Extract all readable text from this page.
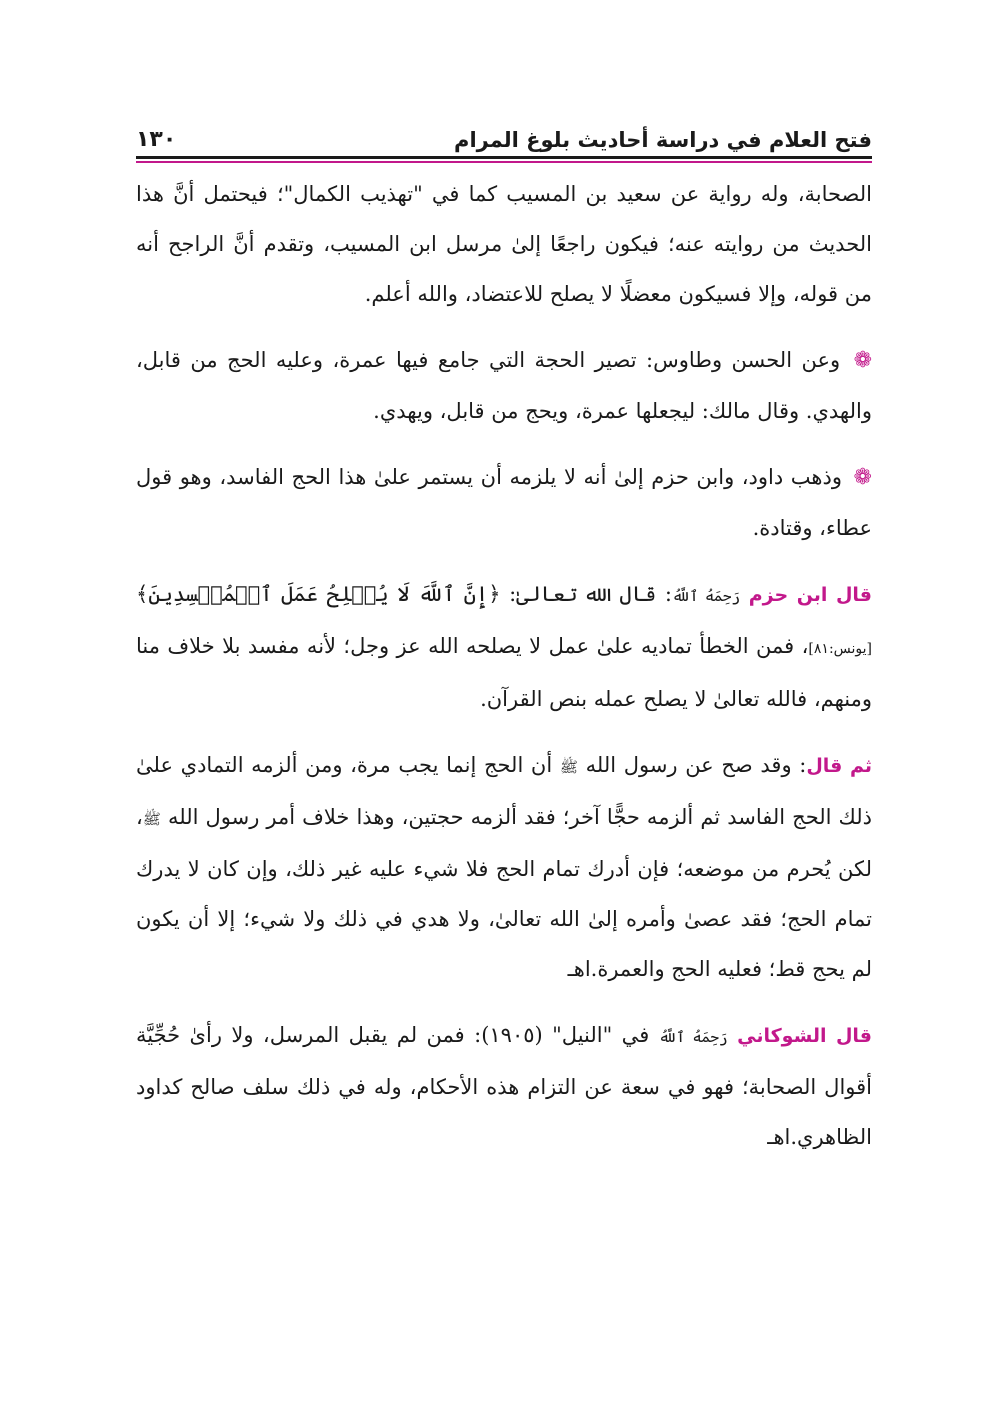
فتح العلام في دراسة أحاديث بلوغ المرام
١٣٠
الصحابة، وله رواية عن سعيد بن المسيب كما في "تهذيب الكمال"؛ فيحتمل أنَّ هذا الحديث من روايته عنه؛ فيكون راجعًا إلىٰ مرسل ابن المسيب، وتقدم أنَّ الراجح أنه من قوله، وإلا فسيكون معضلًا لا يصلح للاعتضاد، والله أعلم.
❁ وعن الحسن وطاوس: تصير الحجة التي جامع فيها عمرة، وعليه الحج من قابل، والهدي. وقال مالك: ليجعلها عمرة، ويحج من قابل، ويهدي.
❁ وذهب داود، وابن حزم إلىٰ أنه لا يلزمه أن يستمر علىٰ هذا الحج الفاسد، وهو قول عطاء، وقتادة.
قال ابن حزم رَحِمَهُ ٱللَّهُ: قال الله تعالىٰ: ﴿إِنَّ ٱللَّهَ لَا يُصۡلِحُ عَمَلَ ٱلۡمُفۡسِدِينَ﴾ [يونس:٨١]، فمن الخطأ تماديه علىٰ عمل لا يصلحه الله عز وجل؛ لأنه مفسد بلا خلاف منا ومنهم، فالله تعالىٰ لا يصلح عمله بنص القرآن.
ثم قال: وقد صح عن رسول الله ﷺ أن الحج إنما يجب مرة، ومن ألزمه التمادي علىٰ ذلك الحج الفاسد ثم ألزمه حجًّا آخر؛ فقد ألزمه حجتين، وهذا خلاف أمر رسول الله ﷺ، لكن يُحرم من موضعه؛ فإن أدرك تمام الحج فلا شيء عليه غير ذلك، وإن كان لا يدرك تمام الحج؛ فقد عصىٰ وأمره إلىٰ الله تعالىٰ، ولا هدي في ذلك ولا شيء؛ إلا أن يكون لم يحج قط؛ فعليه الحج والعمرة.اهـ
قال الشوكاني رَحِمَهُ ٱللَّهُ في "النيل" (١٩٠٥): فمن لم يقبل المرسل، ولا رأىٰ حُجِّيَّة أقوال الصحابة؛ فهو في سعة عن التزام هذه الأحكام، وله في ذلك سلف صالح كداود الظاهري.اهـ
